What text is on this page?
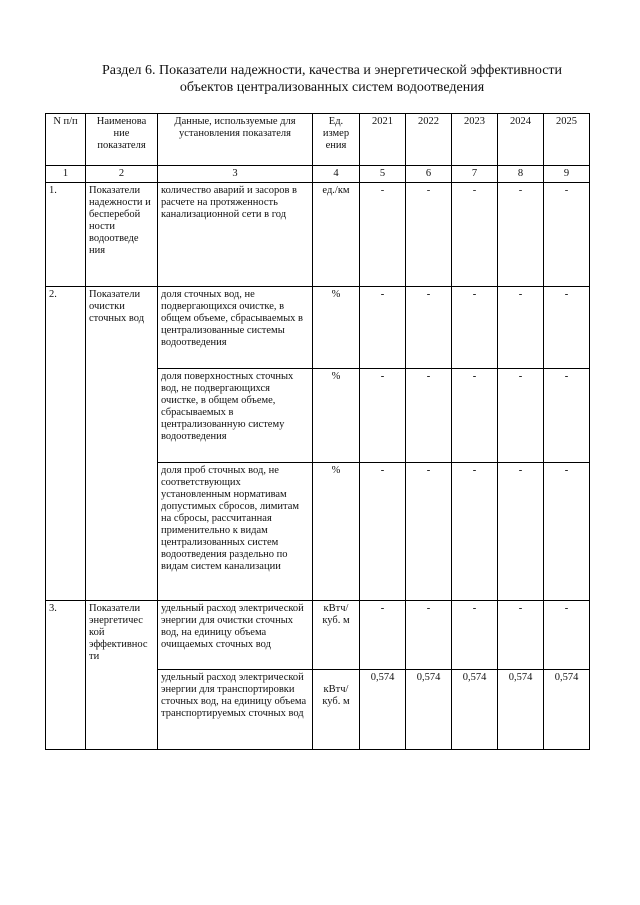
Раздел 6. Показатели надежности, качества и энергетической эффективности
объектов централизованных систем водоотведения
N п/п	Наименова ние показателя	Данные, используемые для установления показателя	Ед. измер ения	2021	2022	2023	2024	2025
1	2	3	4	5	6	7	8	9
1.	Показатели надежности и бесперебой ности водоотведе ния	количество аварий и засоров в расчете на протяженность канализационной сети в год	ед./км	-	-	-	-	-
2.	Показатели очистки сточных вод	доля сточных вод, не подвергающихся очистке, в общем объеме, сбрасываемых в централизованные системы водоотведения	%	-	-	-	-	-
		доля поверхностных сточных вод, не подвергающихся очистке, в общем объеме, сбрасываемых в централизованную систему водоотведения	%	-	-	-	-	-
		доля проб сточных вод, не соответствующих установленным нормативам допустимых сбросов, лимитам на сбросы, рассчитанная применительно к видам централизованных систем водоотведения раздельно по видам систем канализации	%	-	-	-	-	-
3.	Показатели энергетичес кой эффективнос ти	удельный расход электрической энергии для очистки сточных вод, на единицу объема очищаемых сточных вод	кВтч/ куб. м	-	-	-	-	-
		удельный расход электрической энергии для транспортировки сточных вод, на единицу объема транспортируемых сточных вод	кВтч/ куб. м	0,574	0,574	0,574	0,574	0,574
